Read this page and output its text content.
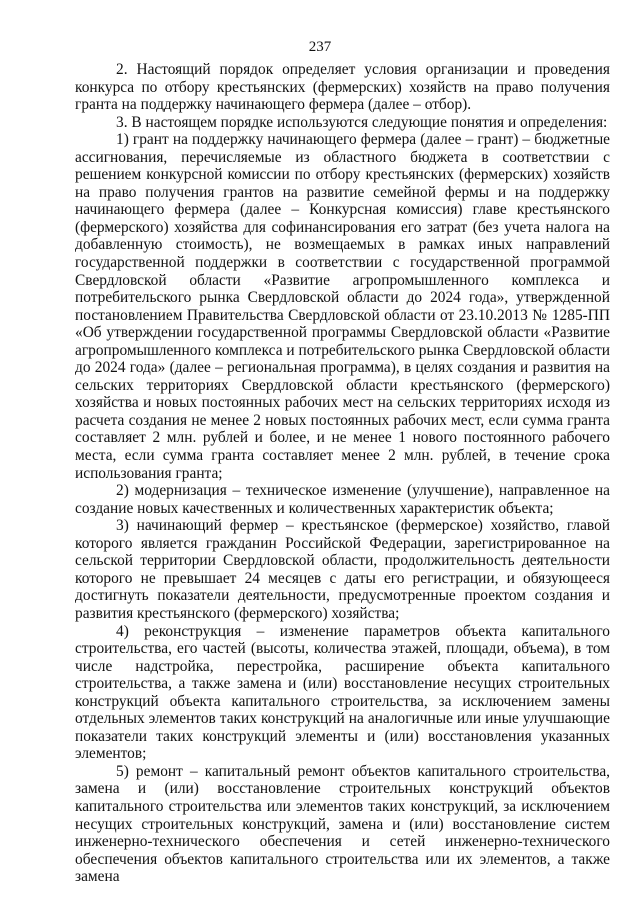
237

2. Настоящий порядок определяет условия организации и проведения конкурса по отбору крестьянских (фермерских) хозяйств на право получения гранта на поддержку начинающего фермера (далее – отбор).

3. В настоящем порядке используются следующие понятия и определения:

1) грант на поддержку начинающего фермера (далее – грант) – бюджетные ассигнования, перечисляемые из областного бюджета в соответствии с решением конкурсной комиссии по отбору крестьянских (фермерских) хозяйств на право получения грантов на развитие семейной фермы и на поддержку начинающего фермера (далее – Конкурсная комиссия) главе крестьянского (фермерского) хозяйства для софинансирования его затрат (без учета налога на добавленную стоимость), не возмещаемых в рамках иных направлений государственной поддержки в соответствии с государственной программой Свердловской области «Развитие агропромышленного комплекса и потребительского рынка Свердловской области до 2024 года», утвержденной постановлением Правительства Свердловской области от 23.10.2013 № 1285-ПП «Об утверждении государственной программы Свердловской области «Развитие агропромышленного комплекса и потребительского рынка Свердловской области до 2024 года» (далее – региональная программа), в целях создания и развития на сельских территориях Свердловской области крестьянского (фермерского) хозяйства и новых постоянных рабочих мест на сельских территориях исходя из расчета создания не менее 2 новых постоянных рабочих мест, если сумма гранта составляет 2 млн. рублей и более, и не менее 1 нового постоянного рабочего места, если сумма гранта составляет менее 2 млн. рублей, в течение срока использования гранта;

2) модернизация – техническое изменение (улучшение), направленное на создание новых качественных и количественных характеристик объекта;

3) начинающий фермер – крестьянское (фермерское) хозяйство, главой которого является гражданин Российской Федерации, зарегистрированное на сельской территории Свердловской области, продолжительность деятельности которого не превышает 24 месяцев с даты его регистрации, и обязующееся достигнуть показатели деятельности, предусмотренные проектом создания и развития крестьянского (фермерского) хозяйства;

4) реконструкция – изменение параметров объекта капитального строительства, его частей (высоты, количества этажей, площади, объема), в том числе надстройка, перестройка, расширение объекта капитального строительства, а также замена и (или) восстановление несущих строительных конструкций объекта капитального строительства, за исключением замены отдельных элементов таких конструкций на аналогичные или иные улучшающие показатели таких конструкций элементы и (или) восстановления указанных элементов;

5) ремонт – капитальный ремонт объектов капитального строительства, замена и (или) восстановление строительных конструкций объектов капитального строительства или элементов таких конструкций, за исключением несущих строительных конструкций, замена и (или) восстановление систем инженерно-технического обеспечения и сетей инженерно-технического обеспечения объектов капитального строительства или их элементов, а также замена
